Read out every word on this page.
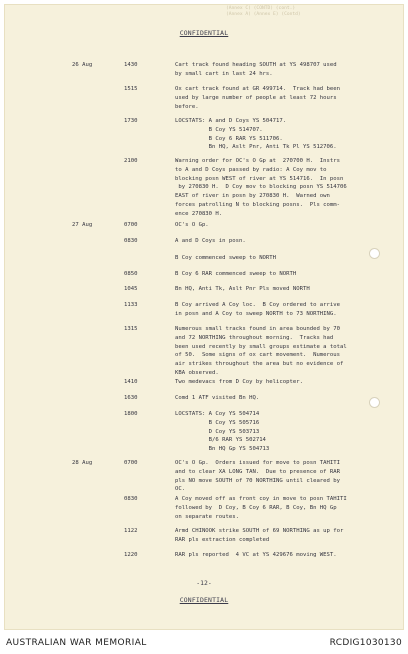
(Annex C) (CONTD) (cont.)
(Annex A) (Annex E) (Contd)
CONFIDENTIAL
26 Aug	1430	Cart track found heading SOUTH at YS 498707 used
by small cart in last 24 hrs.
1515	Ox cart track found at GR 499714.  Track had been
used by large number of people at least 72 hours
before.
1730	LOCSTATS: A and D Coys YS 504717.
B Coy YS 514707.
B Coy 6 RAR YS 511706.
Bn HQ, Aslt Pnr, Anti Tk Pl YS 512706.
2100	Warning order for OC's O Gp at  270700 H.  Instrs
to A and D Coys passed by radio: A Coy mov to
blocking posn WEST of river at YS 514716.  In posn
by 270830 H.  D Coy mov to blocking posn YS 514706
EAST of river in posn by 270830 H.  Warned own
forces patrolling N to blocking posns.  Pls comm-
ence 270830 H.
27 Aug	0700	OC's O Gp.
0830	A and D Coys in posn.
B Coy commenced sweep to NORTH
0850	B Coy 6 RAR commenced sweep to NORTH
1045	Bn HQ, Anti Tk, Aslt Pnr Pls moved NORTH
1133	B Coy arrived A Coy loc.  B Coy ordered to arrive
in posn and A Coy to sweep NORTH to 73 NORTHING.
1315	Numerous small tracks found in area bounded by 70
and 72 NORTHING throughout morning.  Tracks had
been used recently by small groups estimate a total
of 50.  Some signs of ox cart movement.  Numerous
air strikes throughout the area but no evidence of
KBA observed.
1410	Two medevacs from D Coy by helicopter.
1630	Comd 1 ATF visited Bn HQ.
1800	LOCSTATS: A Coy YS 504714
B Coy YS 505716
D Coy YS 503713
B/6 RAR YS 502714
Bn HQ Gp YS 504713
28 Aug	0700	OC's O Gp.  Orders issued for move to posn TAHITI
and to clear XA LONG TAN.  Due to presence of RAR
pls NO move SOUTH of 70 NORTHING until cleared by
OC.
0830	A Coy moved off as front coy in move to posn TAHITI
followed by  D Coy, B Coy 6 RAR, B Coy, Bn HQ Gp
on separate routes.
1122	Armd CHINOOK strike SOUTH of 69 NORTHING as up for
RAR pls extraction completed
1220	RAR pls reported  4 VC at YS 429676 moving WEST.
-12-
CONFIDENTIAL
AUSTRALIAN WAR MEMORIAL	RCDIG1030130
